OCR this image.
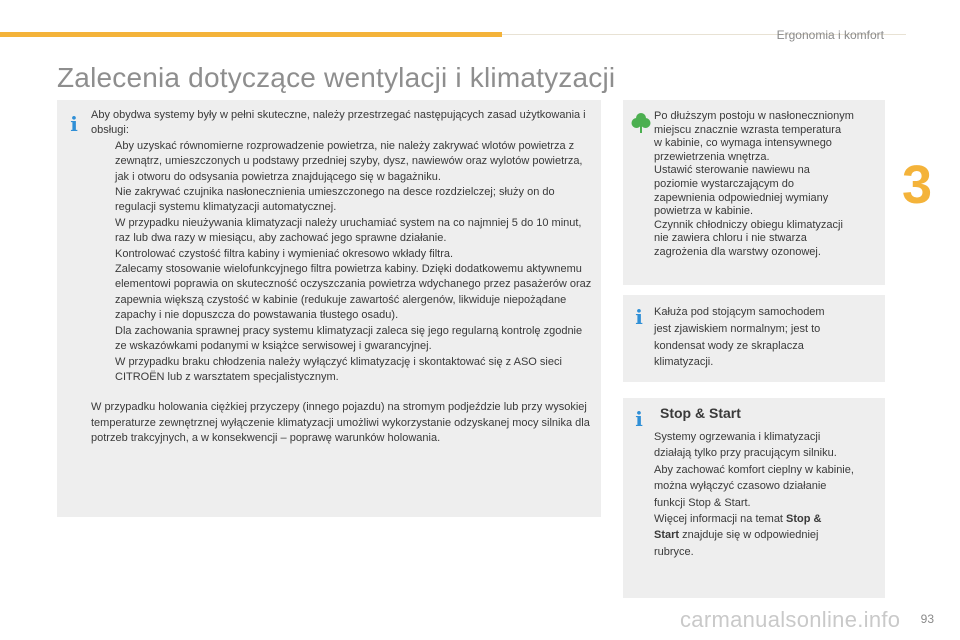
Ergonomia i komfort
3
Zalecenia dotyczące wentylacji i klimatyzacji
i Aby obydwa systemy były w pełni skuteczne, należy przestrzegać następujących zasad użytkowania i obsługi:

Aby uzyskać równomierne rozprowadzenie powietrza, nie należy zakrywać wlotów powietrza z zewnątrz, umieszczonych u podstawy przedniej szyby, dysz, nawiewów oraz wylotów powietrza, jak i otworu do odsysania powietrza znajdującego się w bagażniku.
Nie zakrywać czujnika nasłonecznienia umieszczonego na desce rozdzielczej; służy on do regulacji systemu klimatyzacji automatycznej.
W przypadku nieużywania klimatyzacji należy uruchamiać system na co najmniej 5 do 10 minut, raz lub dwa razy w miesiącu, aby zachować jego sprawne działanie.
Kontrolować czystość filtra kabiny i wymieniać okresowo wkłady filtra.
Zalecamy stosowanie wielofunkcyjnego filtra powietrza kabiny. Dzięki dodatkowemu aktywnemu elementowi poprawia on skuteczność oczyszczania powietrza wdychanego przez pasażerów oraz zapewnia większą czystość w kabinie (redukuje zawartość alergenów, likwiduje niepożądane zapachy i nie dopuszcza do powstawania tłustego osadu).
Dla zachowania sprawnej pracy systemu klimatyzacji zaleca się jego regularną kontrolę zgodnie ze wskazówkami podanymi w książce serwisowej i gwarancyjnej.
W przypadku braku chłodzenia należy wyłączyć klimatyzację i skontaktować się z ASO sieci CITROËN lub z warsztatem specjalistycznym.

W przypadku holowania ciężkiej przyczepy (innego pojazdu) na stromym podjeździe lub przy wysokiej temperaturze zewnętrznej wyłączenie klimatyzacji umożliwi wykorzystanie odzyskanej mocy silnika dla potrzeb trakcyjnych, a w konsekwencji – poprawę warunków holowania.

Po dłuższym postoju w nasłonecznionym
miejscu znacznie wzrasta temperatura
w kabinie, co wymaga intensywnego
przewietrzenia wnętrza.
Ustawić sterowanie nawiewu na
poziomie wystarczającym do
zapewnienia odpowiedniej wymiany
powietrza w kabinie.
Czynnik chłodniczy obiegu klimatyzacji
nie zawiera chloru i nie stwarza
zagrożenia dla warstwy ozonowej.
i Kałuża pod stojącym samochodem
jest zjawiskiem normalnym; jest to
kondensat wody ze skraplacza
klimatyzacji.
i Stop & Start
Systemy ogrzewania i klimatyzacji
działają tylko przy pracującym silniku.
Aby zachować komfort cieplny w kabinie,
można wyłączyć czasowo działanie
funkcji Stop & Start.
Więcej informacji na temat Stop &
Start znajduje się w odpowiedniej
rubryce.
carmanualsonline.info 93
